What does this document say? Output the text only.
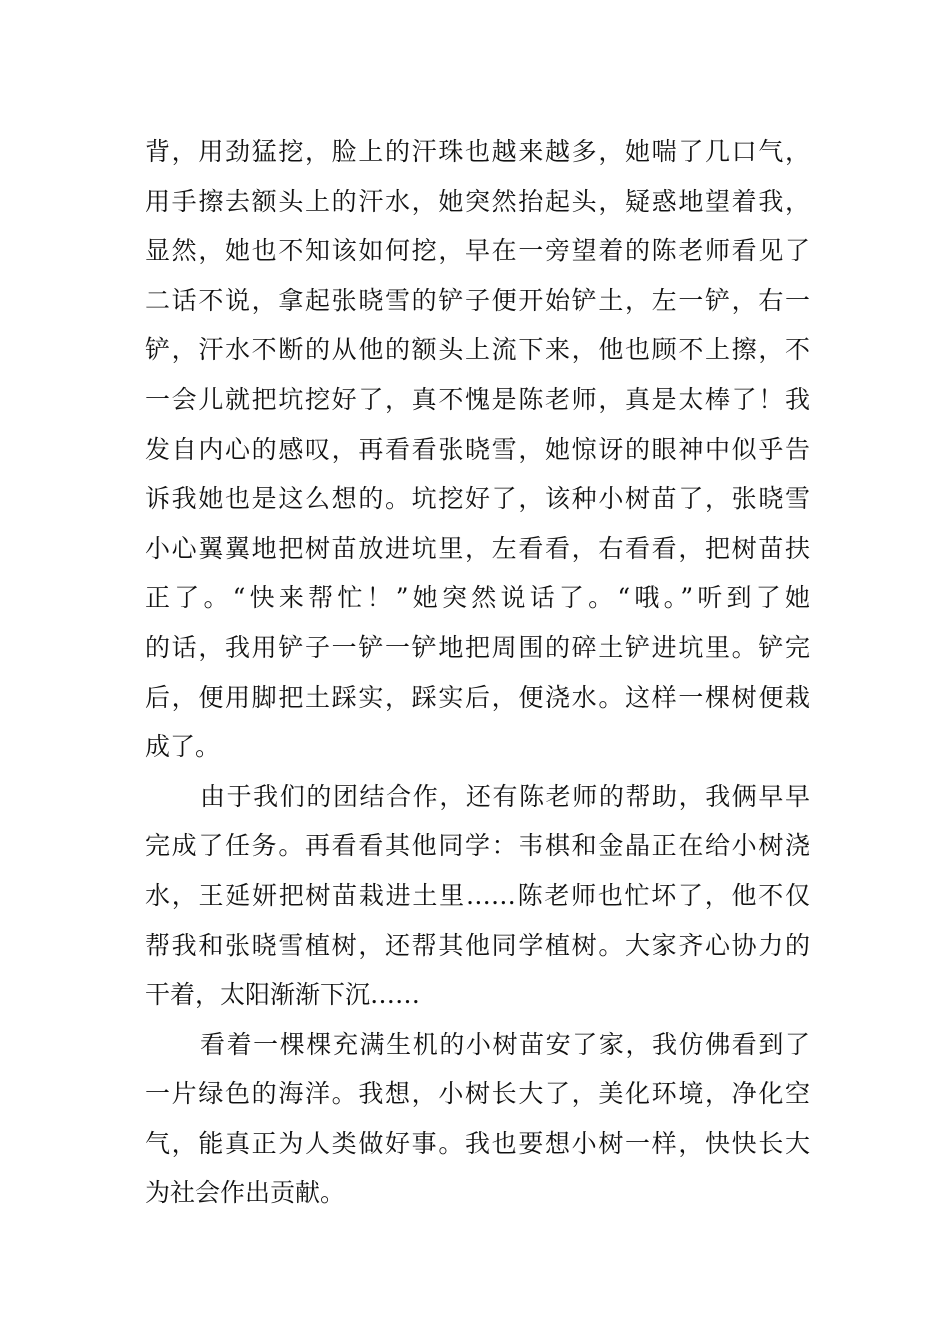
背，用劲猛挖，脸上的汗珠也越来越多，她喘了几口气，
用手擦去额头上的汗水，她突然抬起头，疑惑地望着我，
显然，她也不知该如何挖，早在一旁望着的陈老师看见了
二话不说，拿起张晓雪的铲子便开始铲土，左一铲，右一
铲，汗水不断的从他的额头上流下来，他也顾不上擦，不
一会儿就把坑挖好了，真不愧是陈老师，真是太棒了！我
发自内心的感叹，再看看张晓雪，她惊讶的眼神中似乎告
诉我她也是这么想的。坑挖好了，该种小树苗了，张晓雪
小心翼翼地把树苗放进坑里，左看看，右看看，把树苗扶
正了。“快来帮忙！”她突然说话了。“哦。”听到了她
的话，我用铲子一铲一铲地把周围的碎土铲进坑里。铲完
后，便用脚把土踩实，踩实后，便浇水。这样一棵树便栽
成了。
由于我们的团结合作，还有陈老师的帮助，我俩早早
完成了任务。再看看其他同学：韦棋和金晶正在给小树浇
水，王延妍把树苗栽进土里……陈老师也忙坏了，他不仅
帮我和张晓雪植树，还帮其他同学植树。大家齐心协力的
干着，太阳渐渐下沉……
看着一棵棵充满生机的小树苗安了家，我仿佛看到了
一片绿色的海洋。我想，小树长大了，美化环境，净化空
气，能真正为人类做好事。我也要想小树一样，快快长大
为社会作出贡献。
